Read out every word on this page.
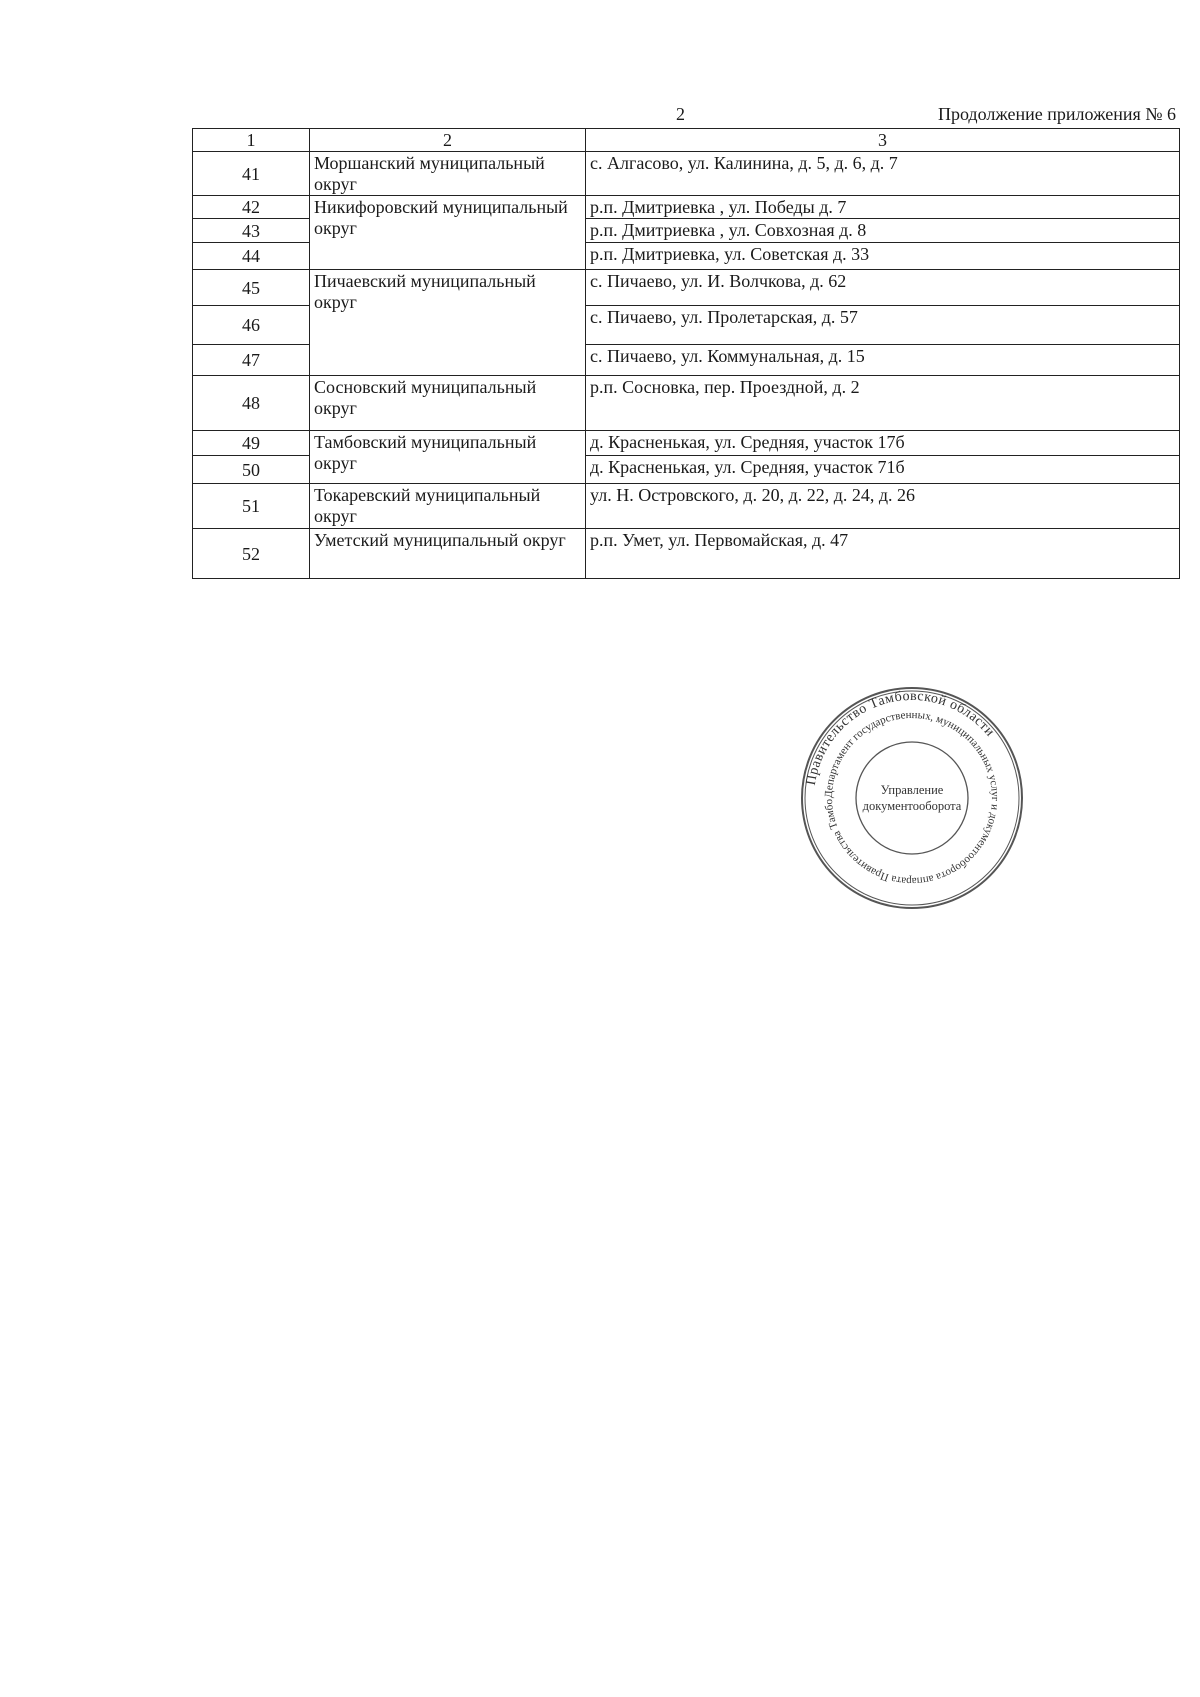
2	Продолжение приложения № 6
1	2	3
41	Моршанский муниципальный округ	с. Алгасово, ул. Калинина, д. 5, д. 6, д. 7
42	Никифоровский муниципальный округ	р.п. Дмитриевка , ул. Победы д. 7
43		р.п. Дмитриевка , ул. Совхозная д. 8
44		р.п. Дмитриевка, ул. Советская д. 33
45	Пичаевский муниципальный округ	с. Пичаево, ул. И. Волчкова, д. 62
46		с. Пичаево, ул. Пролетарская, д. 57
47		с. Пичаево, ул. Коммунальная, д. 15
48	Сосновский муниципальный округ	р.п. Сосновка, пер. Проездной, д. 2
49	Тамбовский муниципальный округ	д. Красненькая, ул. Средняя, участок 17б
50		д. Красненькая, ул. Средняя, участок 71б
51	Токаревский муниципальный округ	ул. Н. Островского, д. 20, д. 22, д. 24, д. 26
52	Уметский муниципальный округ	р.п. Умет, ул. Первомайская, д. 47
Правительство Тамбовской области
Департамент государственных, муниципальных услуг и документооборота аппарата Правительства Тамбо
Управление
документооборота
